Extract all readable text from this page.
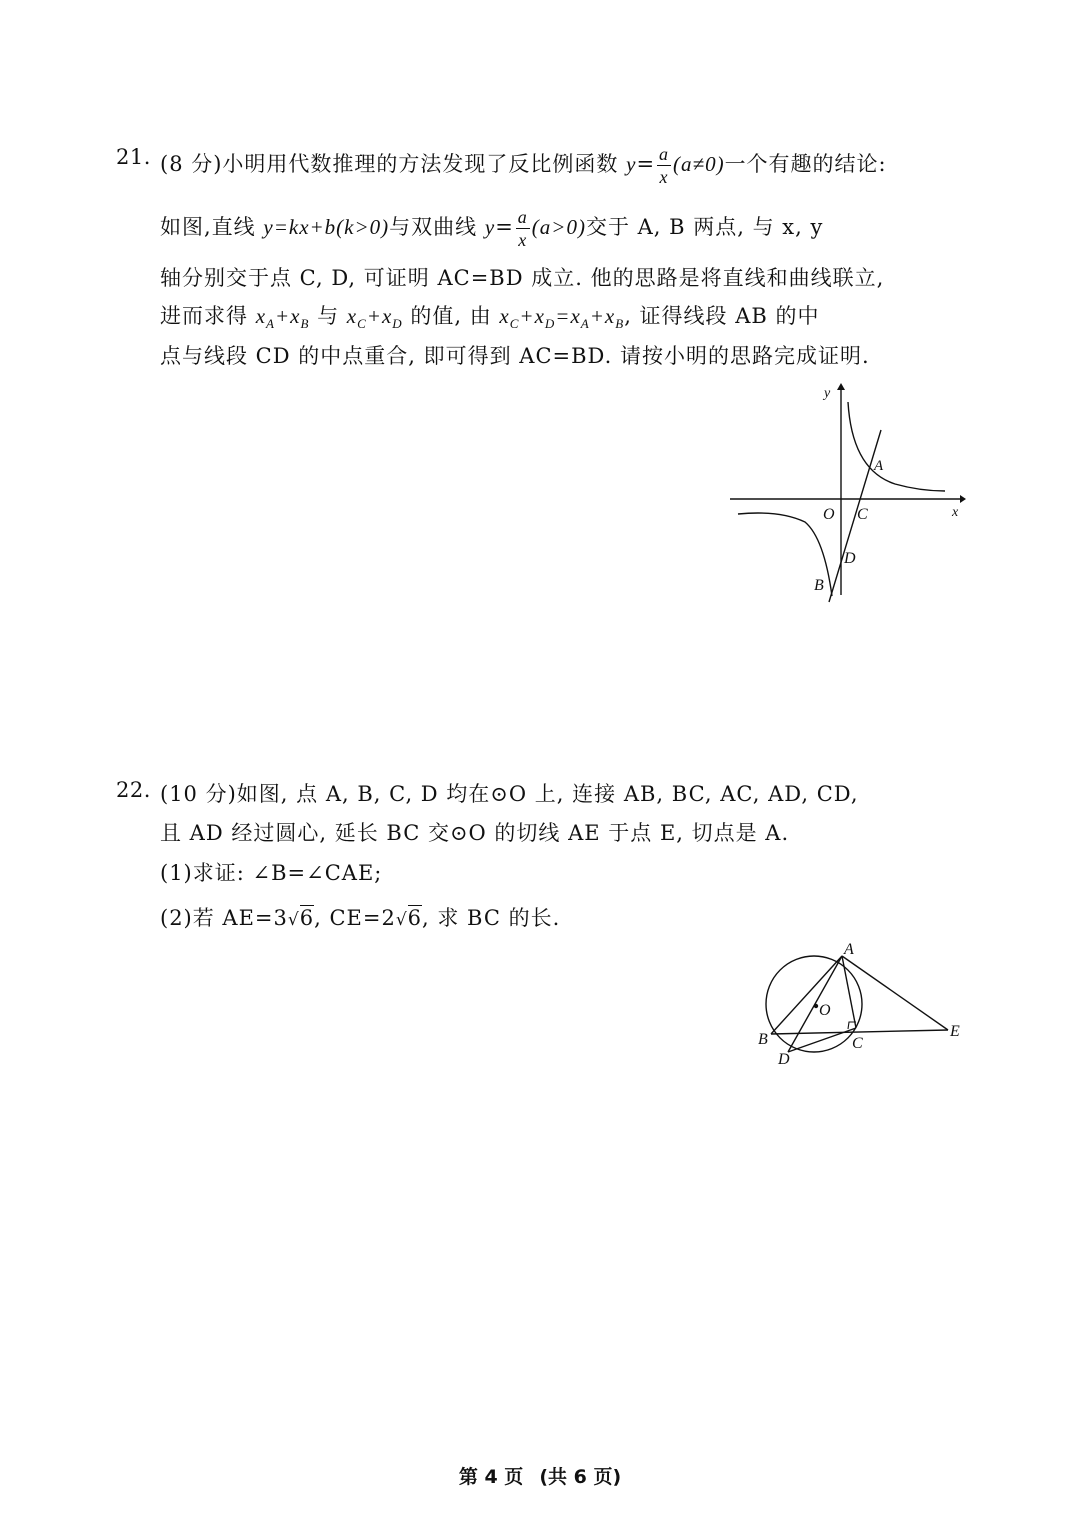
21. (8 分)小明用代数推理的方法发现了反比例函数 $y= \frac{a}{x} (a\ne 0)$一个有趣的结论:
如图,直线 y=kx+b(k>0)与双曲线 $y= \frac{a}{x} (a>0)$交于 A, B 两点, 与 x, y
轴分别交于点 C, D, 可证明 AC=BD 成立. 他的思路是将直线和曲线联立,
进而求得 $x_A+x_B$ 与 $x_C+x_D$ 的值, 由 $x_C+x_D=x_A+x_B$, 证得线段 AB 的中
点与线段 CD 的中点重合, 即可得到 AC=BD. 请按小明的思路完成证明.
y
x
O C
A
D
B
22. (10 分)如图, 点 A, B, C, D 均在⊙O 上, 连接 AB, BC, AC, AD, CD,
且 AD 经过圆心, 延长 BC 交⊙O 的切线 AE 于点 E, 切点是 A.
(1)求证: ∠B=∠CAE;
(2)若 AE=3√6, CE=2√6, 求 BC 的长.
A
O
B	C
D
E
第 4 页 (共 6 页)
